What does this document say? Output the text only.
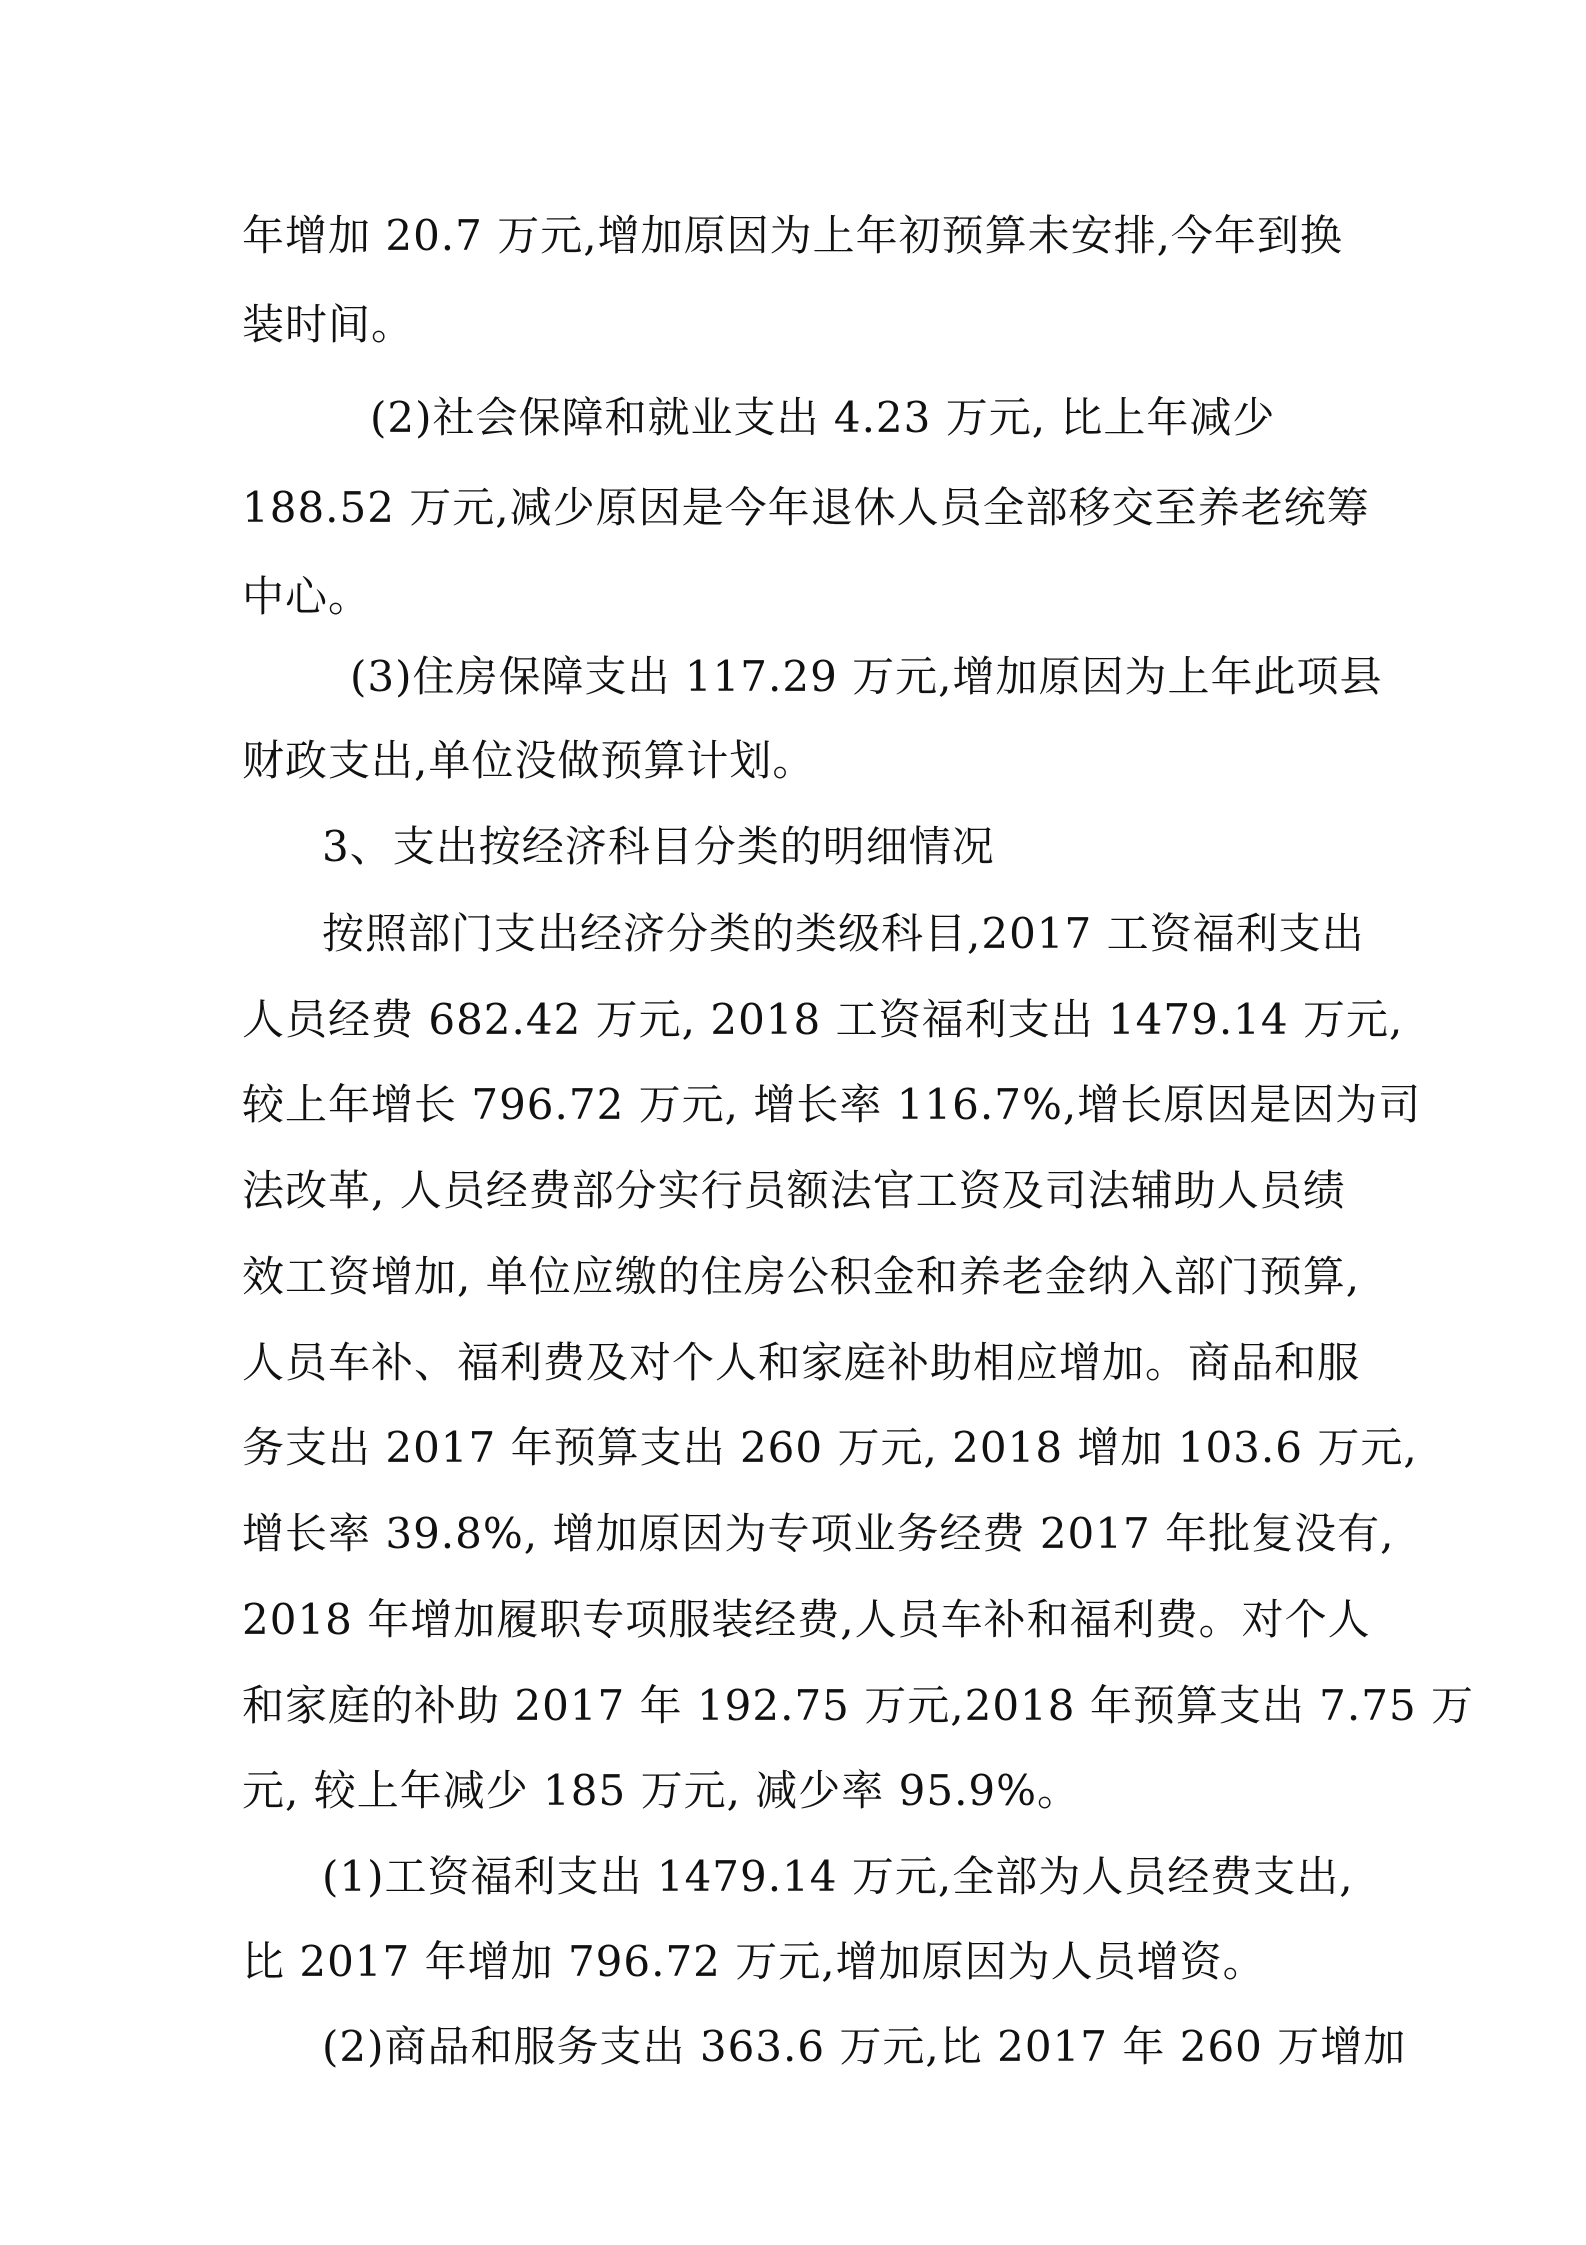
年增加 20.7 万元,增加原因为上年初预算未安排,今年到换
装时间。
(2)社会保障和就业支出 4.23 万元, 比上年减少
188.52 万元,减少原因是今年退休人员全部移交至养老统筹
中心。
(3)住房保障支出 117.29 万元,增加原因为上年此项县
财政支出,单位没做预算计划。
3、支出按经济科目分类的明细情况
按照部门支出经济分类的类级科目,2017 工资福利支出
人员经费 682.42 万元, 2018 工资福利支出 1479.14 万元,
较上年增长 796.72 万元, 增长率 116.7%,增长原因是因为司
法改革, 人员经费部分实行员额法官工资及司法辅助人员绩
效工资增加, 单位应缴的住房公积金和养老金纳入部门预算,
人员车补、福利费及对个人和家庭补助相应增加。商品和服
务支出 2017 年预算支出 260 万元, 2018 增加 103.6 万元,
增长率 39.8%, 增加原因为专项业务经费 2017 年批复没有,
2018 年增加履职专项服装经费,人员车补和福利费。对个人
和家庭的补助 2017 年 192.75 万元,2018 年预算支出 7.75 万
元, 较上年减少 185 万元, 减少率 95.9%。
(1)工资福利支出 1479.14 万元,全部为人员经费支出,
比 2017 年增加 796.72 万元,增加原因为人员增资。
(2)商品和服务支出 363.6 万元,比 2017 年 260 万增加
